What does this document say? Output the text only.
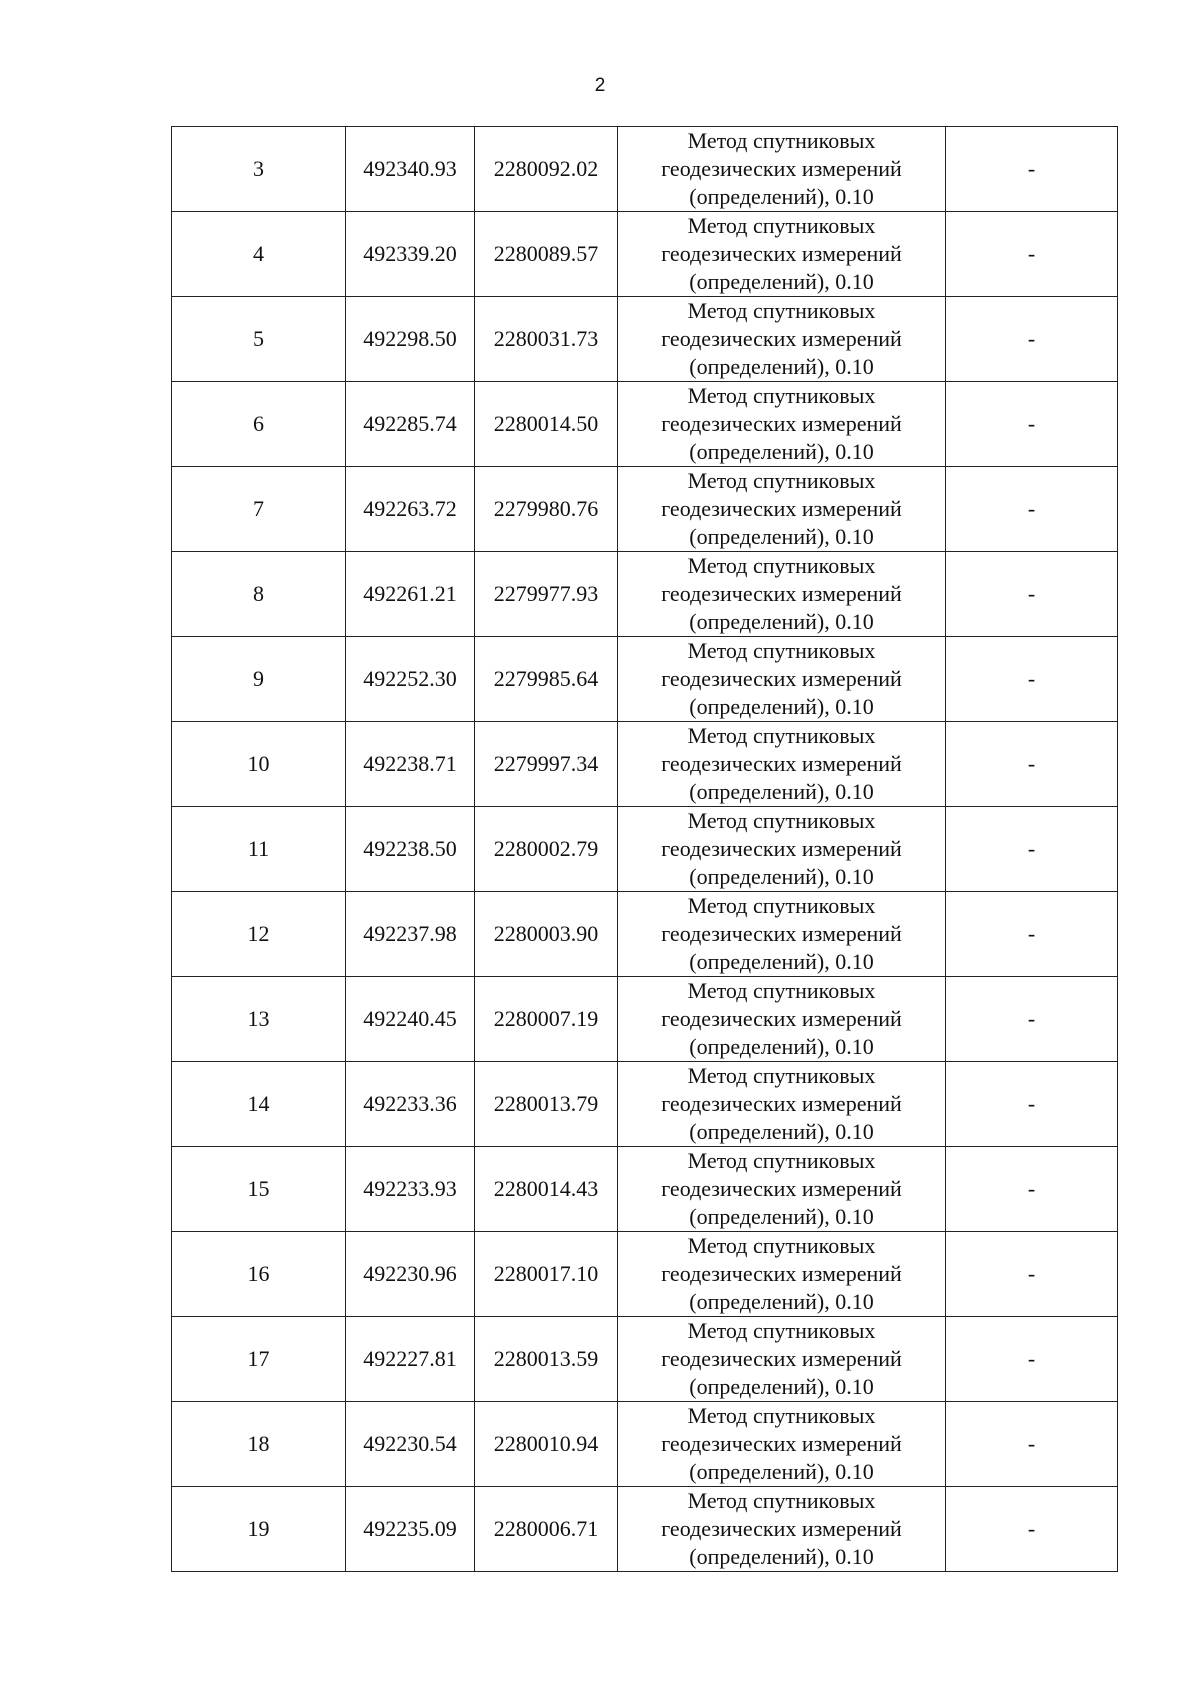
2
3	492340.93	2280092.02	Метод спутниковых геодезических измерений (определений), 0.10	-
4	492339.20	2280089.57	Метод спутниковых геодезических измерений (определений), 0.10	-
5	492298.50	2280031.73	Метод спутниковых геодезических измерений (определений), 0.10	-
6	492285.74	2280014.50	Метод спутниковых геодезических измерений (определений), 0.10	-
7	492263.72	2279980.76	Метод спутниковых геодезических измерений (определений), 0.10	-
8	492261.21	2279977.93	Метод спутниковых геодезических измерений (определений), 0.10	-
9	492252.30	2279985.64	Метод спутниковых геодезических измерений (определений), 0.10	-
10	492238.71	2279997.34	Метод спутниковых геодезических измерений (определений), 0.10	-
11	492238.50	2280002.79	Метод спутниковых геодезических измерений (определений), 0.10	-
12	492237.98	2280003.90	Метод спутниковых геодезических измерений (определений), 0.10	-
13	492240.45	2280007.19	Метод спутниковых геодезических измерений (определений), 0.10	-
14	492233.36	2280013.79	Метод спутниковых геодезических измерений (определений), 0.10	-
15	492233.93	2280014.43	Метод спутниковых геодезических измерений (определений), 0.10	-
16	492230.96	2280017.10	Метод спутниковых геодезических измерений (определений), 0.10	-
17	492227.81	2280013.59	Метод спутниковых геодезических измерений (определений), 0.10	-
18	492230.54	2280010.94	Метод спутниковых геодезических измерений (определений), 0.10	-
19	492235.09	2280006.71	Метод спутниковых геодезических измерений (определений), 0.10	-
